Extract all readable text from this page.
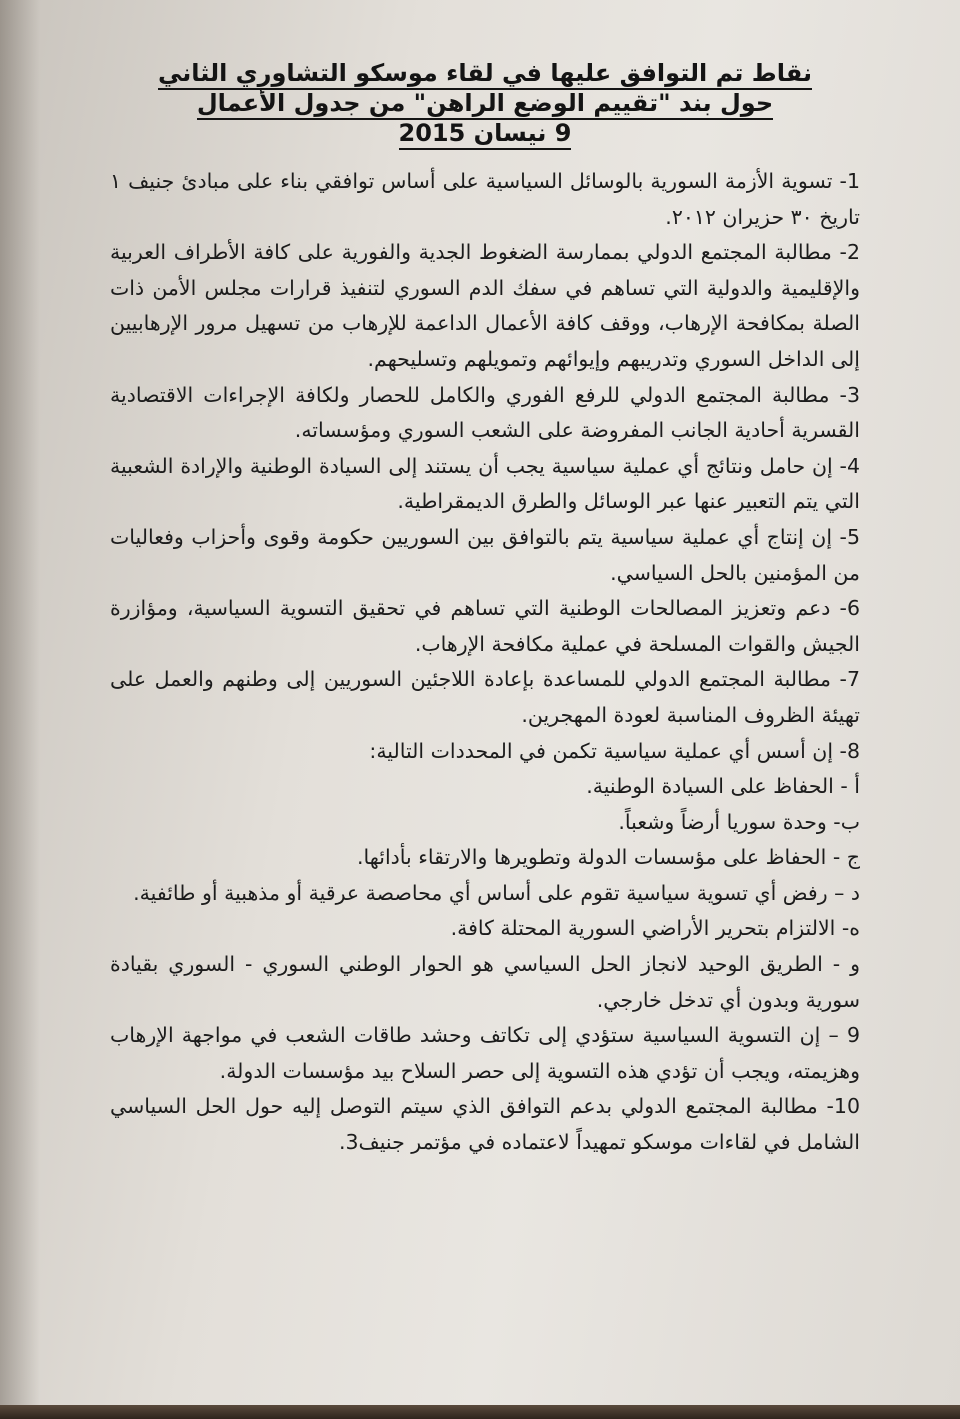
نقاط تم التوافق عليها في لقاء موسكو التشاوري الثاني
حول بند "تقييم الوضع الراهن" من جدول الأعمال
9 نيسان 2015

1- تسوية الأزمة السورية بالوسائل السياسية على أساس توافقي بناء على مبادئ جنيف ١ تاريخ ٣٠ حزيران ٢٠١٢.

2- مطالبة المجتمع الدولي بممارسة الضغوط الجدية والفورية على كافة الأطراف العربية والإقليمية والدولية التي تساهم في سفك الدم السوري لتنفيذ قرارات مجلس الأمن ذات الصلة بمكافحة الإرهاب، ووقف كافة الأعمال الداعمة للإرهاب من تسهيل مرور الإرهابيين إلى الداخل السوري وتدريبهم وإيوائهم وتمويلهم وتسليحهم.

3- مطالبة المجتمع الدولي للرفع الفوري والكامل للحصار ولكافة الإجراءات الاقتصادية القسرية أحادية الجانب المفروضة على الشعب السوري ومؤسساته.

4- إن حامل ونتائج أي عملية سياسية يجب أن يستند إلى السيادة الوطنية والإرادة الشعبية التي يتم التعبير عنها عبر الوسائل والطرق الديمقراطية.

5- إن إنتاج أي عملية سياسية يتم بالتوافق بين السوريين حكومة وقوى وأحزاب وفعاليات من المؤمنين بالحل السياسي.

6- دعم وتعزيز المصالحات الوطنية التي تساهم في تحقيق التسوية السياسية، ومؤازرة الجيش والقوات المسلحة في عملية مكافحة الإرهاب.

7- مطالبة المجتمع الدولي للمساعدة بإعادة اللاجئين السوريين إلى وطنهم والعمل على تهيئة الظروف المناسبة لعودة المهجرين.

8- إن أسس أي عملية سياسية تكمن في المحددات التالية:

أ - الحفاظ على السيادة الوطنية.

ب- وحدة سوريا أرضاً وشعباً.

ج - الحفاظ على مؤسسات الدولة وتطويرها والارتقاء بأدائها.

د – رفض أي تسوية سياسية تقوم على أساس أي محاصصة عرقية أو مذهبية أو طائفية.

ه- الالتزام بتحرير الأراضي السورية المحتلة كافة.

و - الطريق الوحيد لانجاز الحل السياسي هو الحوار الوطني السوري - السوري بقيادة سورية وبدون أي تدخل خارجي.

9 – إن التسوية السياسية ستؤدي إلى تكاتف وحشد طاقات الشعب في مواجهة الإرهاب وهزيمته، ويجب أن تؤدي هذه التسوية إلى حصر السلاح بيد مؤسسات الدولة.

10- مطالبة المجتمع الدولي بدعم التوافق الذي سيتم التوصل إليه حول الحل السياسي الشامل في لقاءات موسكو تمهيداً لاعتماده في مؤتمر جنيف3.
